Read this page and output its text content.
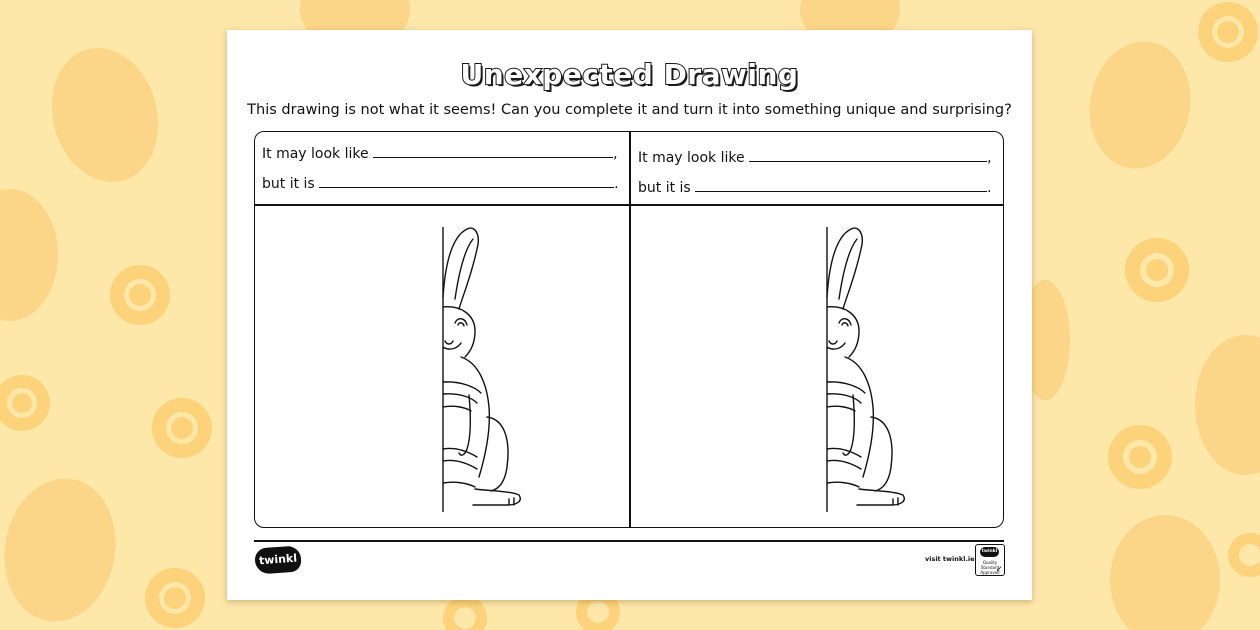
Unexpected Drawing
This drawing is not what it seems! Can you complete it and turn it into something unique and surprising?
It may look like	,
but it is	.
It may look like	,
but it is	.
twinkl	visit twinkl.ie
twinkl
Quality Standard Approved
✓
